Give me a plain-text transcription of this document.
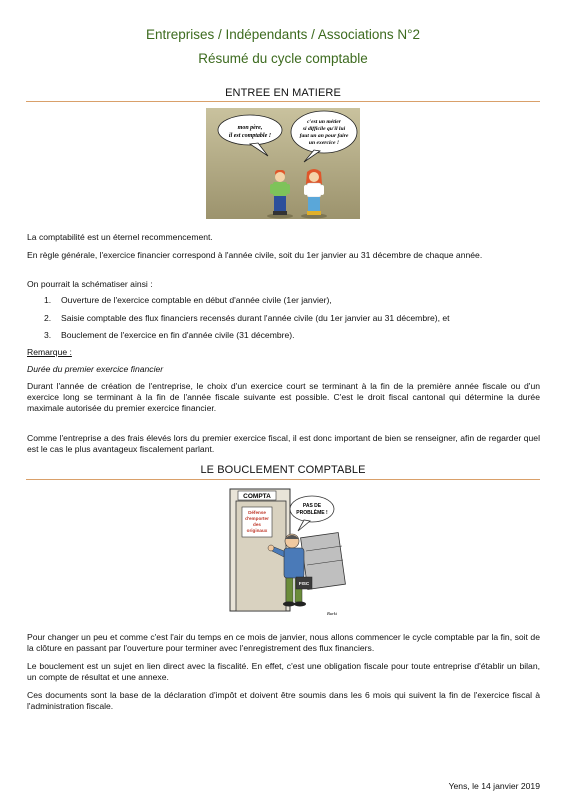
Entreprises / Indépendants / Associations N°2
Résumé du cycle comptable
ENTREE EN MATIERE
mon père,
il est comptable !
c'est un métier
si difficile qu'il lui
faut un an pour faire
un exercice !
La comptabilité est un éternel recommencement.
En règle générale, l'exercice financier correspond à l'année civile, soit du 1er janvier au 31 décembre de chaque année.
On pourrait la schématiser ainsi :
1. Ouverture de l'exercice comptable en début d'année civile (1er janvier),
2. Saisie comptable des flux financiers recensés durant l'année civile (du 1er janvier au 31 décembre), et
3. Bouclement de l'exercice en fin d'année civile (31 décembre).
Remarque :
Durée du premier exercice financier
Durant l'année de création de l'entreprise, le choix d'un exercice court se terminant à la fin de la première année fiscale ou d'un exercice long se terminant à la fin de l'année fiscale suivante est possible. C'est le droit fiscal cantonal qui détermine la durée maximale autorisée du premier exercice financier.
Comme l'entreprise a des frais élevés lors du premier exercice fiscal, il est donc important de bien se renseigner, afin de regarder quel est le cas le plus avantageux fiscalement parlant.
LE BOUCLEMENT COMPTABLE
COMPTA
Défense
d'emporter
des
originaux
PAS DE
PROBLÈME !
FISC
Burki
Pour changer un peu et comme c'est l'air du temps en ce mois de janvier, nous allons commencer le cycle comptable par la fin, soit de la clôture en passant par l'ouverture pour terminer avec l'enregistrement des flux financiers.
Le bouclement est un sujet en lien direct avec la fiscalité. En effet, c'est une obligation fiscale pour toute entreprise d'établir un bilan, un compte de résultat et une annexe.
Ces documents sont la base de la déclaration d'impôt et doivent être soumis dans les 6 mois qui suivent la fin de l'exercice fiscal à l'administration fiscale.
Yens, le 14 janvier 2019
